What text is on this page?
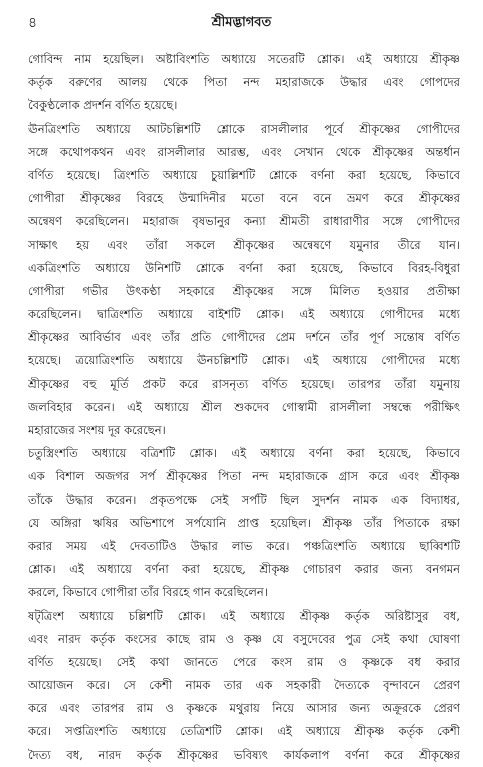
৪	শ্রীমদ্ভাগবত
গোবিন্দ নাম হয়েছিল। অষ্টাবিংশতি অধ্যায়ে সতেরটি শ্লোক। এই অধ্যায়ে শ্রীকৃষ্ণ
কর্তৃক বরুণের আলয় থেকে পিতা নন্দ মহারাজকে উদ্ধার এবং গোপদের
বৈকুণ্ঠলোক প্রদর্শন বর্ণিত হয়েছে।
ঊনত্রিংশতি অধ্যায়ে আটচল্লিশটি শ্লোকে রাসলীলার পূর্বে শ্রীকৃষ্ণের গোপীদের
সঙ্গে কথোপকথন এবং রাসলীলার আরম্ভ, এবং সেখান থেকে শ্রীকৃষ্ণের অন্তর্ধান
বর্ণিত হয়েছে। ত্রিংশতি অধ্যায়ে চুয়াল্লিশটি শ্লোকে বর্ণনা করা হয়েছে, কিভাবে
গোপীরা শ্রীকৃষ্ণের বিরহে উন্মাদিনীর মতো বনে বনে ভ্রমণ করে শ্রীকৃষ্ণের
অন্বেষণ করেছিলেন। মহারাজ বৃষভানুর কন্যা শ্রীমতী রাধারাণীর সঙ্গে গোপীদের
সাক্ষাৎ হয় এবং তাঁরা সকলে শ্রীকৃষ্ণের অন্বেষণে যমুনার তীরে যান।
একত্রিংশতি অধ্যায়ে উনিশটি শ্লোকে বর্ণনা করা হয়েছে, কিভাবে বিরহ-বিধুরা
গোপীরা গভীর উৎকণ্ঠা সহকারে শ্রীকৃষ্ণের সঙ্গে মিলিত হওয়ার প্রতীক্ষা
করেছিলেন। দ্বাত্রিংশতি অধ্যায়ে বাইশটি শ্লোক। এই অধ্যায়ে গোপীদের মধ্যে
শ্রীকৃষ্ণের আবির্ভাব এবং তাঁর প্রতি গোপীদের প্রেম দর্শনে তাঁর পূর্ণ সন্তোষ বর্ণিত
হয়েছে। ত্রয়োত্রিংশতি অধ্যায়ে ঊনচল্লিশটি শ্লোক। এই অধ্যায়ে গোপীদের মধ্যে
শ্রীকৃষ্ণের বহু মূর্তি প্রকট করে রাসনৃত্য বর্ণিত হয়েছে। তারপর তাঁরা যমুনায়
জলবিহার করেন। এই অধ্যায়ে শ্রীল শুকদেব গোস্বামী রাসলীলা সম্বন্ধে পরীক্ষিৎ
মহারাজের সংশয় দূর করেছেন।
চতুস্ত্রিংশতি অধ্যায়ে বত্রিশটি শ্লোক। এই অধ্যায়ে বর্ণনা করা হয়েছে, কিভাবে
এক বিশাল অজগর সর্প শ্রীকৃষ্ণের পিতা নন্দ মহারাজকে গ্রাস করে এবং শ্রীকৃষ্ণ
তাঁকে উদ্ধার করেন। প্রকৃতপক্ষে সেই সর্পটি ছিল সুদর্শন নামক এক বিদ্যাধর,
যে অঙ্গিরা ঋষির অভিশাপে সর্পযোনি প্রাপ্ত হয়েছিল। শ্রীকৃষ্ণ তাঁর পিতাকে রক্ষা
করার সময় এই দেবতাটিও উদ্ধার লাভ করে। পঞ্চত্রিংশতি অধ্যায়ে ছাব্বিশটি
শ্লোক। এই অধ্যায়ে বর্ণনা করা হয়েছে, শ্রীকৃষ্ণ গোচারণ করার জন্য বনগমন
করলে, কিভাবে গোপীরা তাঁর বিরহে গান করেছিলেন।
ষট্‌ত্রিংশ অধ্যায়ে চল্লিশটি শ্লোক। এই অধ্যায়ে শ্রীকৃষ্ণ কর্তৃক অরিষ্টাসুর বধ,
এবং নারদ কর্তৃক কংসের কাছে রাম ও কৃষ্ণ যে বসুদেবের পুত্র সেই কথা ঘোষণা
বর্ণিত হয়েছে। সেই কথা জানতে পেরে কংস রাম ও কৃষ্ণকে বধ করার
আয়োজন করে। সে কেশী নামক তার এক সহকারী দৈত্যকে বৃন্দাবনে প্রেরণ
করে এবং তারপর রাম ও কৃষ্ণকে মথুরায় নিয়ে আসার জন্য অক্রূরকে প্রেরণ
করে। সপ্তত্রিংশতি অধ্যায়ে তেত্রিশটি শ্লোক। এই অধ্যায়ে শ্রীকৃষ্ণ কর্তৃক কেশী
দৈত্য বধ, নারদ কর্তৃক শ্রীকৃষ্ণের ভবিষ্যৎ কার্যকলাপ বর্ণনা করে শ্রীকৃষ্ণের
